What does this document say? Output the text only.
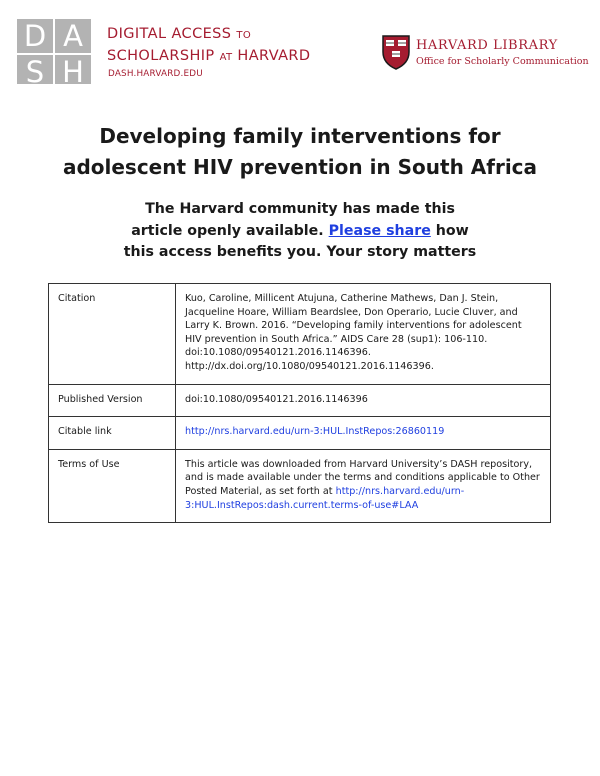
D A
S H
DIGITAL ACCESS TO
SCHOLARSHIP AT HARVARD
DASH.HARVARD.EDU
HARVARD LIBRARY
Office for Scholarly Communication
Developing family interventions for
adolescent HIV prevention in South Africa
The Harvard community has made this
article openly available. Please share how
this access benefits you. Your story matters
Citation	Kuo, Caroline, Millicent Atujuna, Catherine Mathews, Dan J. Stein, Jacqueline Hoare, William Beardslee, Don Operario, Lucie Cluver, and Larry K. Brown. 2016. “Developing family interventions for adolescent HIV prevention in South Africa.” AIDS Care 28 (sup1): 106-110. doi:10.1080/09540121.2016.1146396. http://dx.doi.org/10.1080/09540121.2016.1146396.
Published Version	doi:10.1080/09540121.2016.1146396
Citable link	http://nrs.harvard.edu/urn-3:HUL.InstRepos:26860119
Terms of Use	This article was downloaded from Harvard University’s DASH repository, and is made available under the terms and conditions applicable to Other Posted Material, as set forth at http://nrs.harvard.edu/urn-3:HUL.InstRepos:dash.current.terms-of-use#LAA
